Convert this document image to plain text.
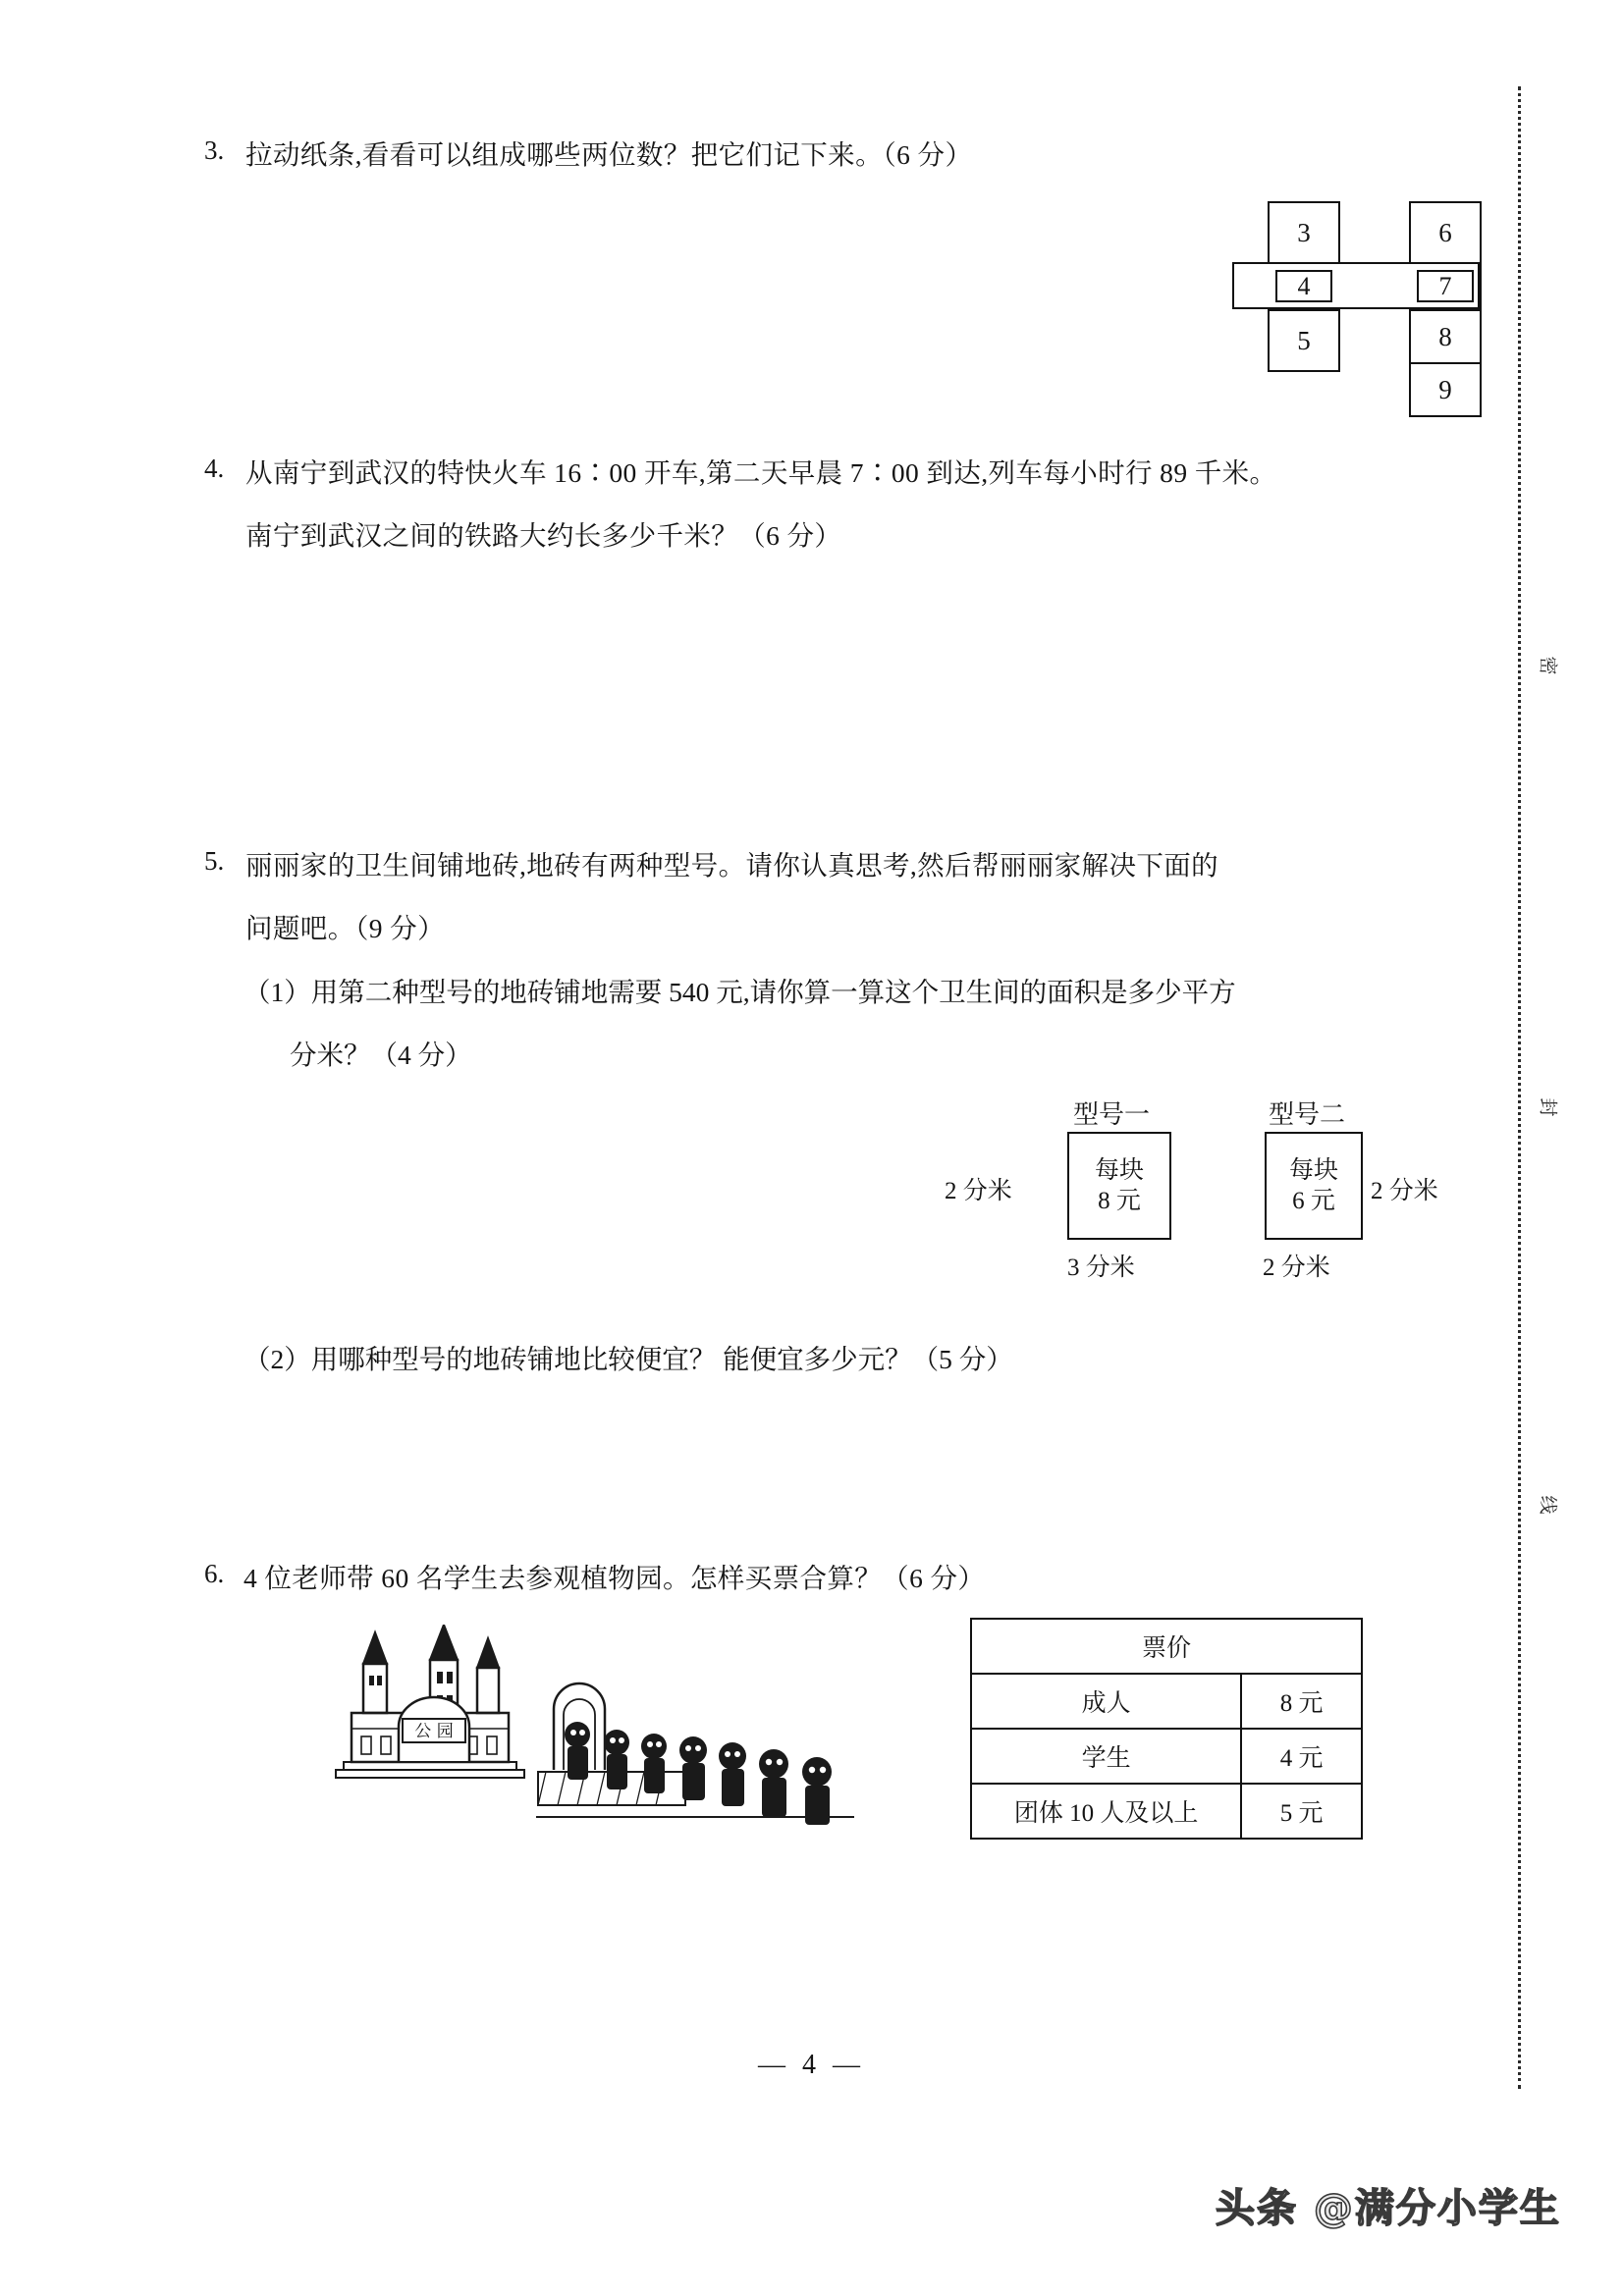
密
封
线
3. 拉动纸条,看看可以组成哪些两位数？把它们记下来。（6 分）
3
5
6
8
9
4	7
4. 从南宁到武汉的特快火车 16∶00 开车,第二天早晨 7∶00 到达,列车每小时行 89 千米。
南宁到武汉之间的铁路大约长多少千米？（6 分）
5. 丽丽家的卫生间铺地砖,地砖有两种型号。请你认真思考,然后帮丽丽家解决下面的
问题吧。（9 分）
（1）用第二种型号的地砖铺地需要 540 元,请你算一算这个卫生间的面积是多少平方
分米？（4 分）
型号一
每块
8 元
2 分米
3 分米
型号二
每块
6 元 2 分米
2 分米
（2）用哪种型号的地砖铺地比较便宜？ 能便宜多少元？（5 分）
6. 4 位老师带 60 名学生去参观植物园。怎样买票合算？（6 分）
公 园
票价	
成人	8 元
学生	4 元
团体 10 人及以上	5 元
— 4 —
头条 @满分小学生
